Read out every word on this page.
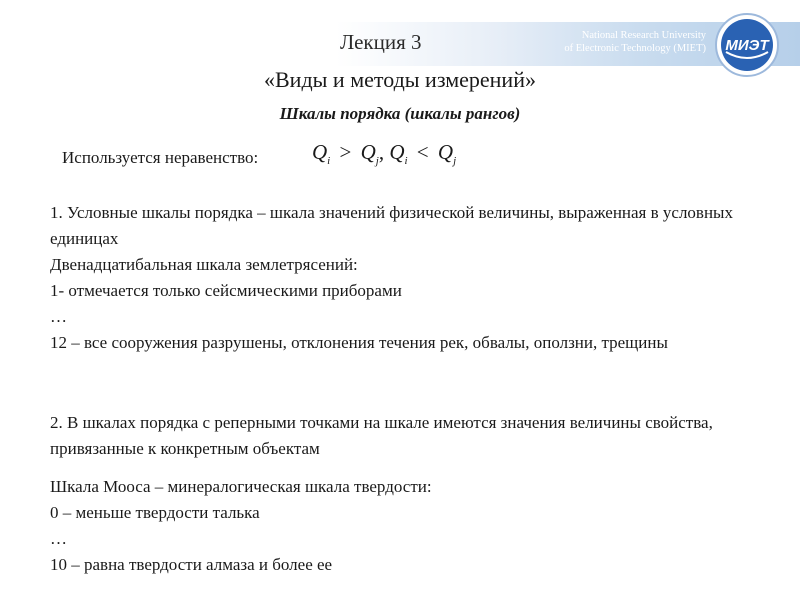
Лекция 3	National Research University
of Electronic Technology (MIET) МИЭТ
«Виды и методы измерений»
Шкалы порядка (шкалы рангов)
Используется неравенство:	$Q_i > Q_j$, $Q_i < Q_j$

1. Условные шкалы порядка – шкала значений физической величины, выраженная в условных единицах

Двенадцатибальная шкала землетрясений:

1- отмечается только сейсмическими приборами

…

12 – все сооружения разрушены, отклонения течения рек, обвалы, оползни, трещины

2. В шкалах порядка с реперными точками на шкале имеются значения величины свойства, привязанные к конкретным объектам

Шкала Мооса – минералогическая шкала твердости:

0 – меньше твердости талька

…

10 – равна твердости алмаза и более ее
